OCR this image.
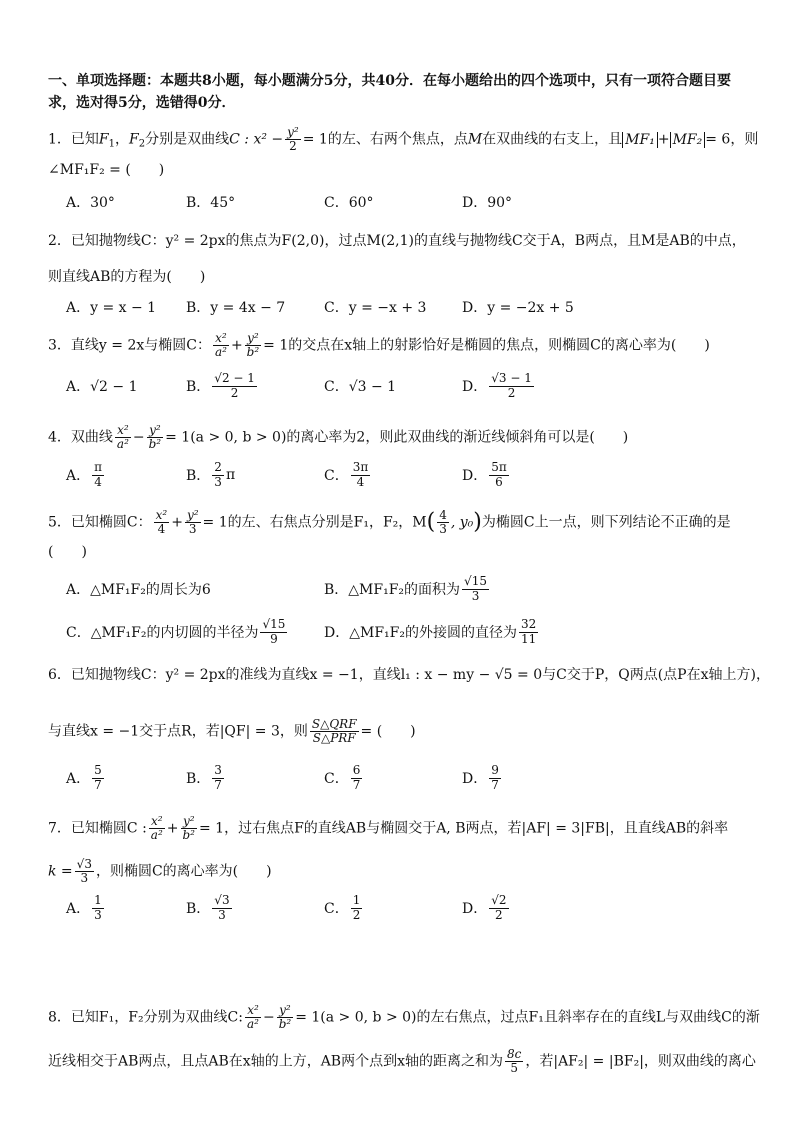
一、单项选择题：本题共8小题，每小题满分5分，共40分．在每小题给出的四个选项中，只有一项符合题目要
求，选对得5分，选错得0分．
1．已知$F_1$，$F_2$分别是双曲线C : $x^2 - \frac{\text{y²}}{2} = 1$的左、右两个焦点，点M在双曲线的右支上，且 MF₁ + MF₂ = 6，则
∠MF₁F₂ = (　　)
A．30°	B．45°	C．60°	D．90°
2．已知抛物线C：y² = 2px的焦点为F(2,0)，过点M(2,1)的直线与抛物线C交于A，B两点，且M是AB的中点，
则直线AB的方程为(　　)
A．y = x − 1 B．y = 4x − 7	C．y = −x + 3	D．y = −2x + 5
3．直线y = 2x与椭圆C： $\frac{\text{x²}}{\text{a²}} + \frac{\text{y²}}{\text{b²}} = 1$的交点在x轴上的射影恰好是椭圆的焦点，则椭圆C的离心率为(　　)
A．√2 − 1	B． $\frac{√2 - 1}{2}$	C．√3 − 1	D． $\frac{√3 - 1}{2}$
4．双曲线 $\frac{\text{x²}}{\text{a²}} - \frac{\text{y²}}{\text{b²}} = 1(a > 0$, b > 0)的离心率为2，则此双曲线的渐近线倾斜角可以是(　　)
A． $\frac{\pi}{4}$	B． $\frac{2}{3}$ π	C． $\frac{3\pi}{4}$	D． $\frac{5\pi}{6}$
5．已知椭圆C： $\frac{\text{x²}}{4} + \frac{\text{y²}}{3} = 1$的左、右焦点分别是F₁，F₂，$M( \frac{4}{3}$ , y₀)为椭圆C上一点，则下列结论不正确的是
(　　)
A．△MF₁F₂的周长为6	B．△MF₁F₂的面积为 $\frac{√15}{3}$
C．△MF₁F₂的内切圆的半径为 $\frac{√15}{9}$	D．△MF₁F₂的外接圆的直径为 $\frac{32}{11}$
6．已知抛物线C：y² = 2px的准线为直线x = −1，直线l₁ : x − my − √5 = 0与C交于P，Q两点(点P在x轴上方)，
与直线x = −1交于点R，若|QF| = 3，则 $\frac{\text{S△QRF}}{\text{S△PRF}}$ = (　　)
A． $\frac{5}{7}$	B． $\frac{3}{7}$	C． $\frac{6}{7}$	D． $\frac{9}{7}$
7．已知椭圆C : $\frac{\text{x²}}{\text{a²}} + \frac{\text{y²}}{\text{b²}} = 1$，过右焦点F的直线AB与椭圆交于A, B两点，若|AF| = 3|FB|，且直线AB的斜率
$k = \frac{√3}{3}$ ，则椭圆C的离心率为(　　)
A． $\frac{1}{3}$	B． $\frac{√3}{3}$	C． $\frac{1}{2}$	D． $\frac{√2}{2}$
8．已知F₁，F₂分别为双曲线C: $\frac{\text{x²}}{\text{a²}} - \frac{\text{y²}}{\text{b²}} = 1(a > 0$, b > 0)的左右焦点，过点F₁且斜率存在的直线L与双曲线C的渐
近线相交于AB两点，且点AB在x轴的上方，AB两个点到x轴的距离之和为 $\frac{8c}{5}$ ，若|AF₂| = |BF₂|，则双曲线的离心
